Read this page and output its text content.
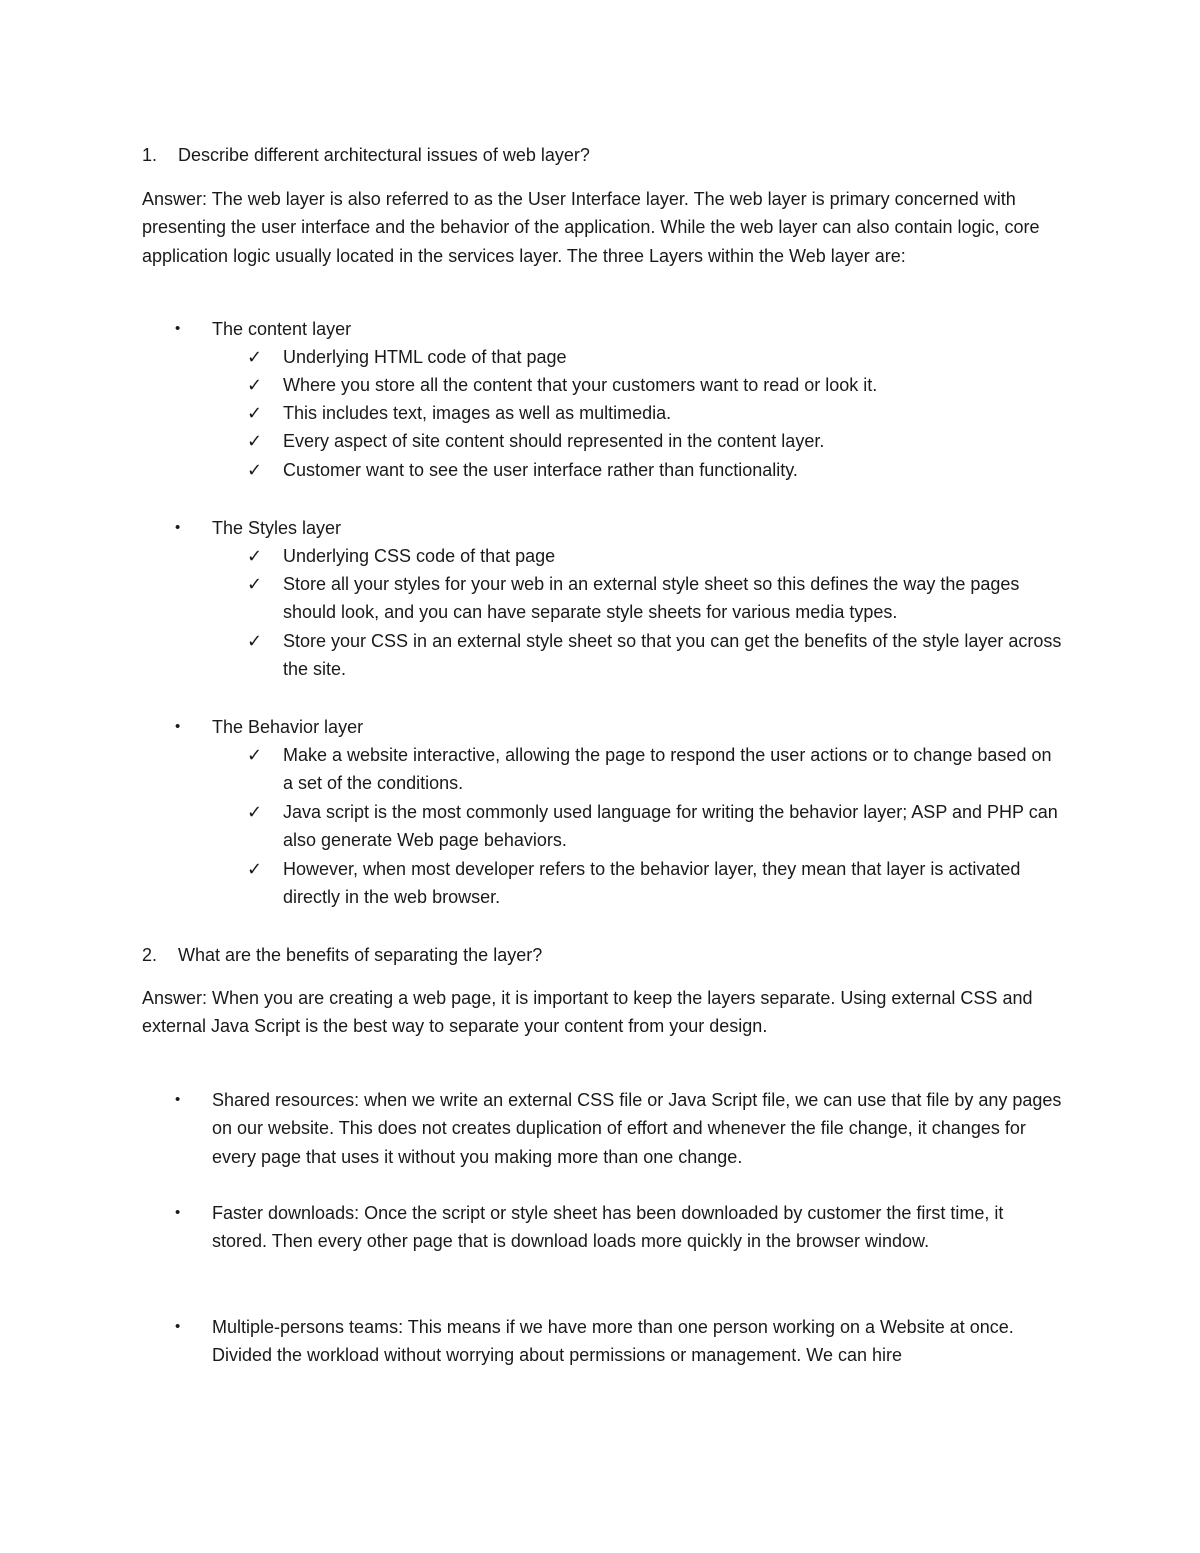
1. Describe different architectural issues of web layer?
Answer: The web layer is also referred to as the User Interface layer. The web layer is primary concerned with presenting the user interface and the behavior of the application. While the web layer can also contain logic, core application logic usually located in the services layer. The three Layers within the Web layer are:
• The content layer
✓ Underlying HTML code of that page
✓ Where you store all the content that your customers want to read or look it.
✓ This includes text, images as well as multimedia.
✓ Every aspect of site content should represented in the content layer.
✓ Customer want to see the user interface rather than functionality.
• The Styles layer
✓ Underlying CSS code of that page
✓ Store all your styles for your web in an external style sheet so this defines the way the pages should look, and you can have separate style sheets for various media types.
✓ Store your CSS in an external style sheet so that you can get the benefits of the style layer across the site.
• The Behavior layer
✓ Make a website interactive, allowing the page to respond the user actions or to change based on a set of the conditions.
✓ Java script is the most commonly used language for writing the behavior layer; ASP and PHP can also generate Web page behaviors.
✓ However, when most developer refers to the behavior layer, they mean that layer is activated directly in the web browser.
2. What are the benefits of separating the layer?
Answer: When you are creating a web page, it is important to keep the layers separate. Using external CSS and external Java Script is the best way to separate your content from your design.
• Shared resources: when we write an external CSS file or Java Script file, we can use that file by any pages on our website. This does not creates duplication of effort and whenever the file change, it changes for every page that uses it without you making more than one change.
• Faster downloads: Once the script or style sheet has been downloaded by customer the first time, it stored. Then every other page that is download loads more quickly in the browser window.
• Multiple-persons teams: This means if we have more than one person working on a Website at once. Divided the workload without worrying about permissions or management. We can hire
